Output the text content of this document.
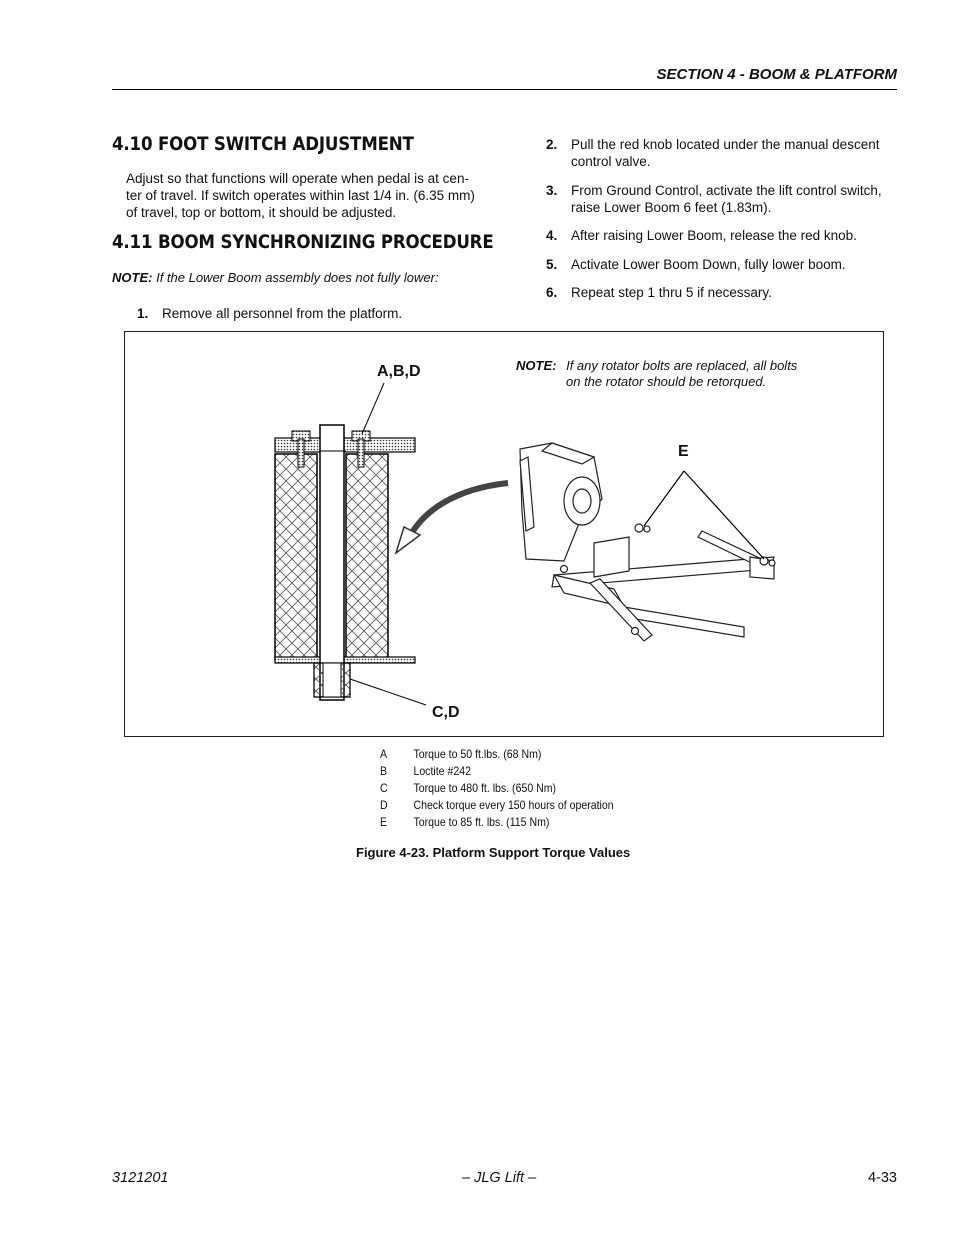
SECTION 4 - BOOM & PLATFORM
4.10 FOOT SWITCH ADJUSTMENT
Adjust so that functions will operate when pedal is at cen-
ter of travel. If switch operates within last 1/4 in. (6.35 mm)
of travel, top or bottom, it should be adjusted.
4.11 BOOM SYNCHRONIZING PROCEDURE
NOTE: If the Lower Boom assembly does not fully lower:
1. Remove all personnel from the platform.
2. Pull the red knob located under the manual descent
control valve.
3. From Ground Control, activate the lift control switch,
raise Lower Boom 6 feet (1.83m).
4. After raising Lower Boom, release the red knob.
5. Activate Lower Boom Down, fully lower boom.
6. Repeat step 1 thru 5 if necessary.
A,B,D
C,D
E
NOTE: If any rotator bolts are replaced, all bolts
on the rotator should be retorqued.
A Torque to 50 ft.lbs. (68 Nm)
B Loctite #242
C Torque to 480 ft. lbs. (650 Nm)
D Check torque every 150 hours of operation
E Torque to 85 ft. lbs. (115 Nm)
Figure 4-23. Platform Support Torque Values
3121201	– JLG Lift –	4-33
